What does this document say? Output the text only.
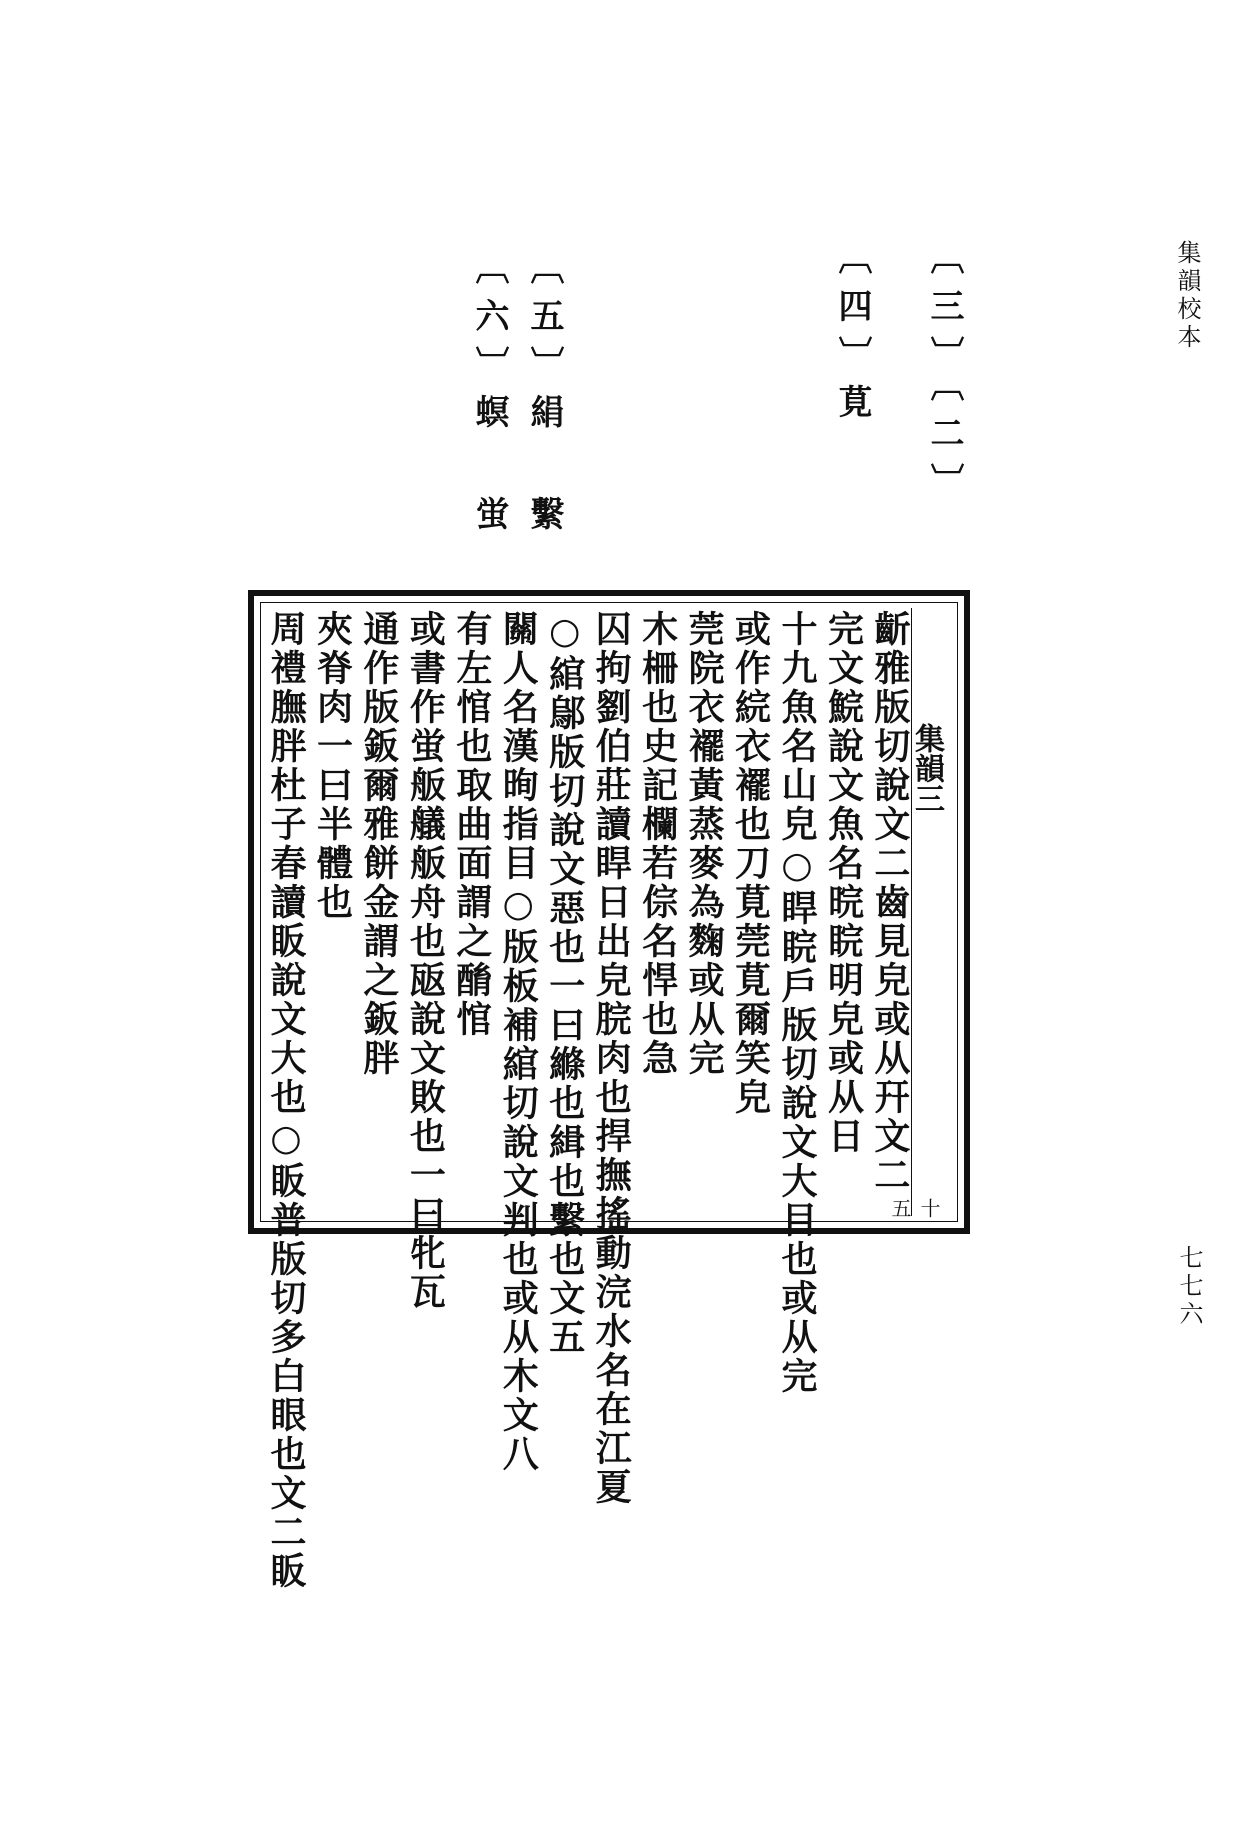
集韻校本
七七六
〔三〕〔二〕
〔四〕莧
〔五〕絹 繫
〔六〕螟 蛍
集韻三
十五
齗雅版切說文二齒見皃或从幵文二
完文鯇說文魚名晥睆明皃或从日
十九魚名山皃○睅睆戶版切說文大目也或从完
或作綄衣襬也刀莧莞莧爾笑皃
莞院衣襬黃蒸麥為麴或从完
木柵也史記欄若倧名悍也急
囚拘劉伯莊讀睅日出皃脘肉也捍撫搖動浣水名在江夏
○綰鄔版切說文惡也一曰縧也緝也繫也文五
關人名漢㫬指目○版板補綰切說文判也或从木文八
有左悺也取曲面謂之酳悺
或書作蛍舨艤舨舟也瓪說文敗也一曰牝瓦
通作版鈑爾雅餅金謂之鈑胖
夾脊肉一曰半體也
周禮膴胖杜子春讀眅說文大也○眅普版切多白眼也文二眅
